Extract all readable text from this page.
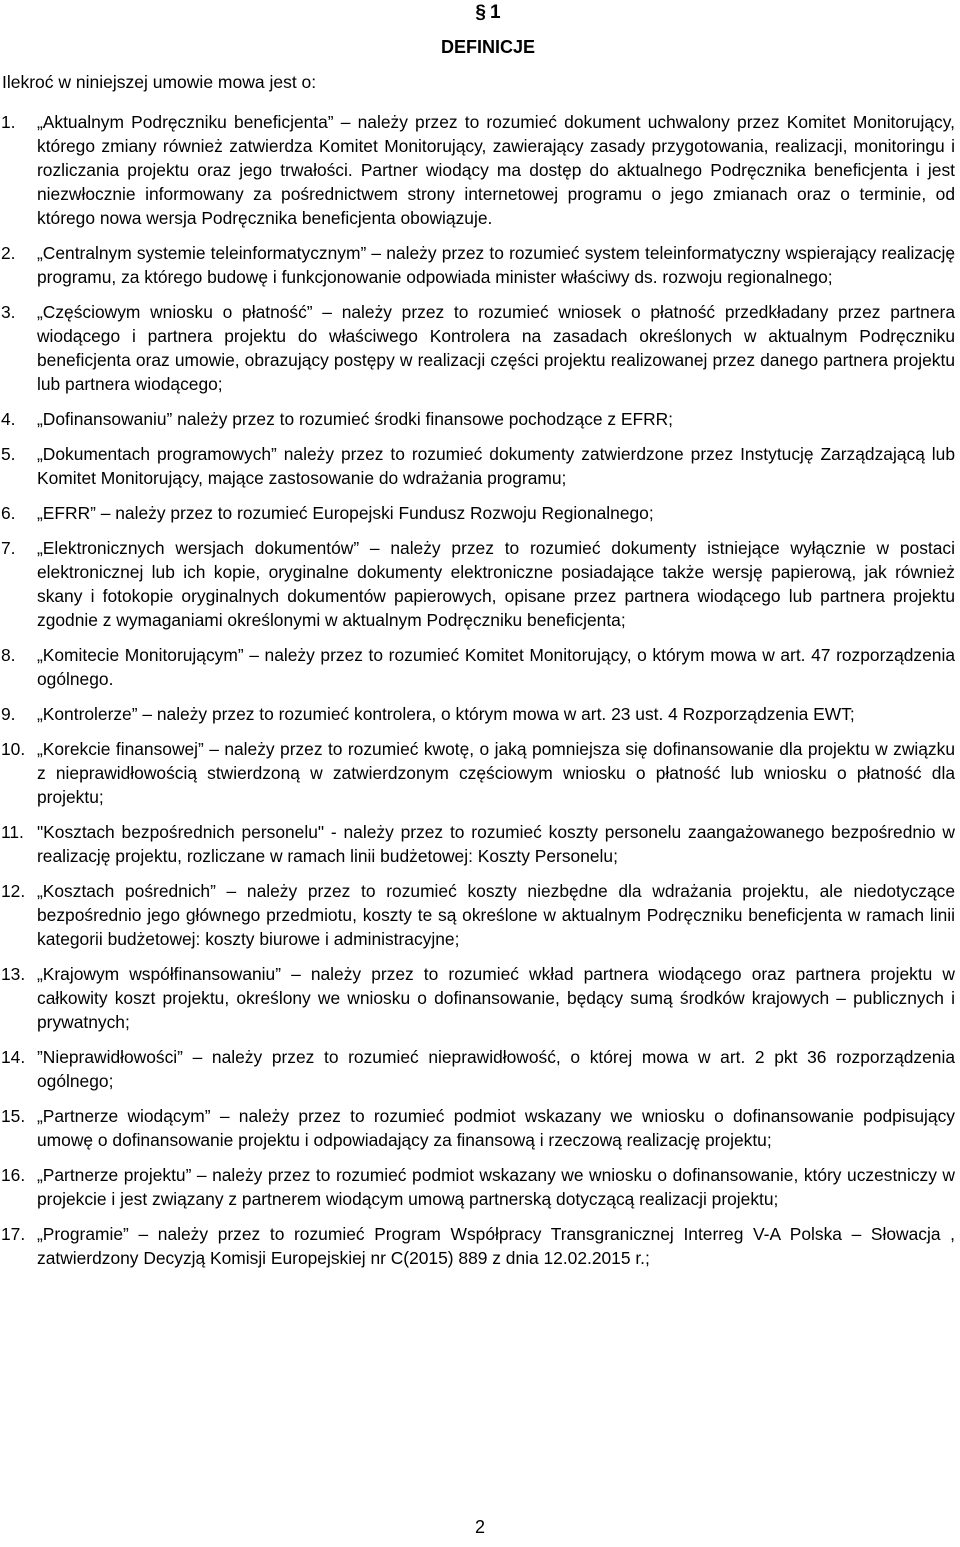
§ 1
DEFINICJE
Ilekroć w niniejszej umowie mowa jest o:
1. „Aktualnym Podręczniku beneficjenta” – należy przez to rozumieć dokument uchwalony przez Komitet Monitorujący, którego zmiany również zatwierdza Komitet Monitorujący, zawierający zasady przygotowania, realizacji, monitoringu i rozliczania projektu oraz jego trwałości. Partner wiodący ma dostęp do aktualnego Podręcznika beneficjenta i jest niezwłocznie informowany za pośrednictwem strony internetowej programu o jego zmianach oraz o terminie, od którego nowa wersja Podręcznika beneficjenta obowiązuje.
2. „Centralnym systemie teleinformatycznym” – należy przez to rozumieć system teleinformatyczny wspierający realizację programu, za którego budowę i funkcjonowanie odpowiada minister właściwy ds. rozwoju regionalnego;
3. „Częściowym wniosku o płatność” – należy przez to rozumieć wniosek o płatność przedkładany przez partnera wiodącego i partnera projektu do właściwego Kontrolera na zasadach określonych w aktualnym Podręczniku beneficjenta oraz umowie, obrazujący postępy w realizacji części projektu realizowanej przez danego partnera projektu lub partnera wiodącego;
4. „Dofinansowaniu” należy przez to rozumieć środki finansowe pochodzące z EFRR;
5. „Dokumentach programowych” należy przez to rozumieć dokumenty zatwierdzone przez Instytucję Zarządzającą lub Komitet Monitorujący, mające zastosowanie do wdrażania programu;
6. „EFRR” – należy przez to rozumieć Europejski Fundusz Rozwoju Regionalnego;
7. „Elektronicznych wersjach dokumentów” – należy przez to rozumieć dokumenty istniejące wyłącznie w postaci elektronicznej lub ich kopie, oryginalne dokumenty elektroniczne posiadające także wersję papierową, jak również skany i fotokopie oryginalnych dokumentów papierowych, opisane przez partnera wiodącego lub partnera projektu zgodnie z wymaganiami określonymi w aktualnym Podręczniku beneficjenta;
8. „Komitecie Monitorującym” – należy przez to rozumieć Komitet Monitorujący, o którym mowa w art. 47 rozporządzenia ogólnego.
9. „Kontrolerze” – należy przez to rozumieć kontrolera, o którym mowa w art. 23 ust. 4 Rozporządzenia EWT;
10. „Korekcie finansowej” – należy przez to rozumieć kwotę, o jaką pomniejsza się dofinansowanie dla projektu w związku z nieprawidłowością stwierdzoną w zatwierdzonym częściowym wniosku o płatność lub wniosku o płatność dla projektu;
11. "Kosztach bezpośrednich personelu" - należy przez to rozumieć koszty personelu zaangażowanego bezpośrednio w realizację projektu, rozliczane w ramach linii budżetowej: Koszty Personelu;
12. „Kosztach pośrednich” – należy przez to rozumieć koszty niezbędne dla wdrażania projektu, ale niedotyczące bezpośrednio jego głównego przedmiotu, koszty te są określone w aktualnym Podręczniku beneficjenta w ramach linii kategorii budżetowej: koszty biurowe i administracyjne;
13. „Krajowym współfinansowaniu” – należy przez to rozumieć wkład partnera wiodącego oraz partnera projektu w całkowity koszt projektu, określony we wniosku o dofinansowanie, będący sumą środków krajowych – publicznych i prywatnych;
14. ”Nieprawidłowości” – należy przez to rozumieć nieprawidłowość, o której mowa w art. 2 pkt 36 rozporządzenia ogólnego;
15. „Partnerze wiodącym” – należy przez to rozumieć podmiot wskazany we wniosku o dofinansowanie podpisujący umowę o dofinansowanie projektu i odpowiadający za finansową i rzeczową realizację projektu;
16. „Partnerze projektu” – należy przez to rozumieć podmiot wskazany we wniosku o dofinansowanie, który uczestniczy w projekcie i jest związany z partnerem wiodącym umową partnerską dotyczącą realizacji projektu;
17. „Programie” – należy przez to rozumieć Program Współpracy Transgranicznej Interreg V-A Polska – Słowacja , zatwierdzony Decyzją Komisji Europejskiej nr C(2015) 889 z dnia 12.02.2015 r.;
2
